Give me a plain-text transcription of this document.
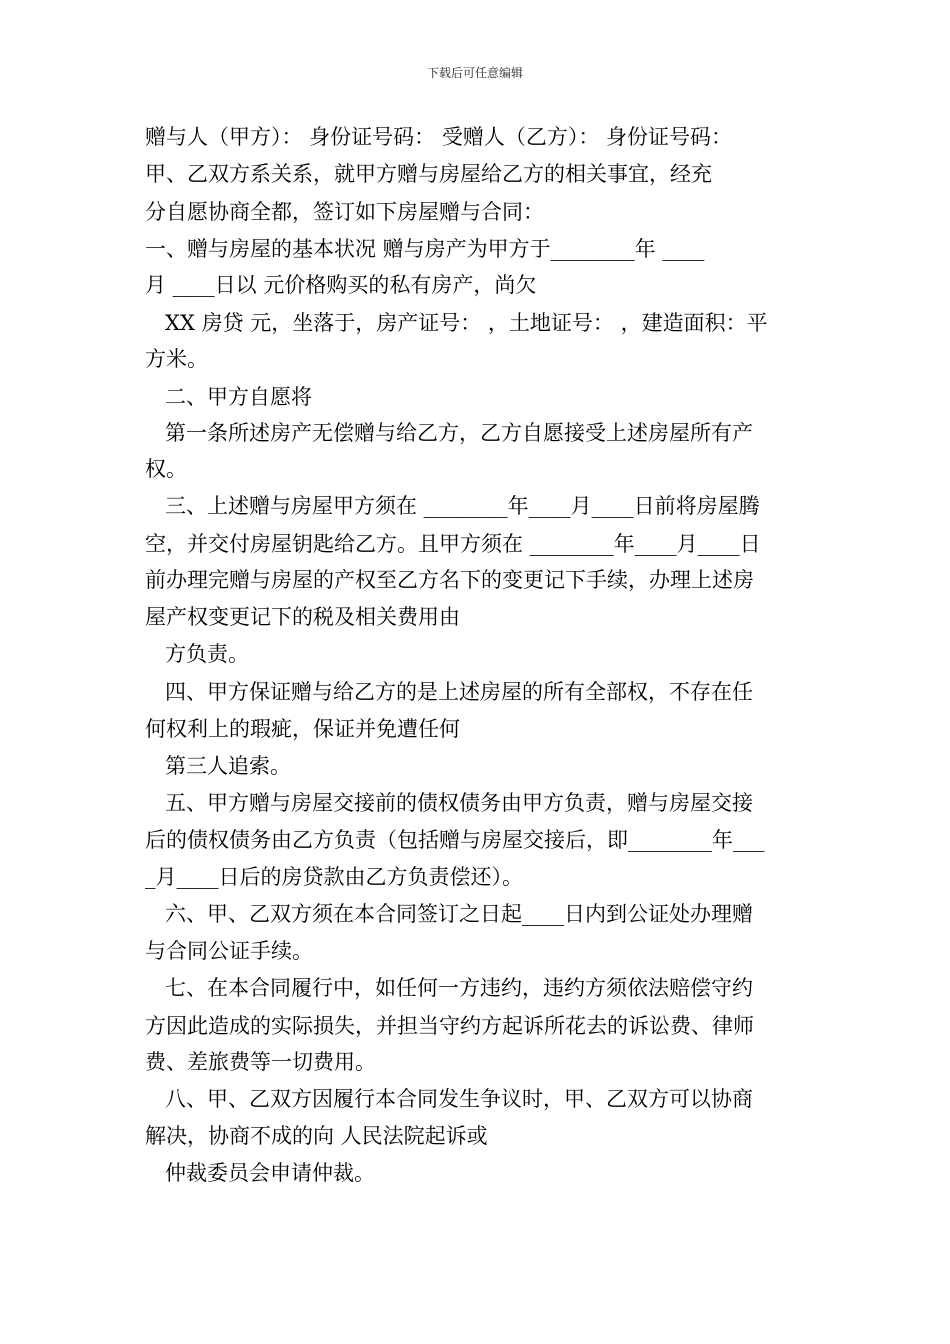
下载后可任意编辑
赠与人（甲方）： 身份证号码： 受赠人（乙方）： 身份证号码：
甲、乙双方系关系，就甲方赠与房屋给乙方的相关事宜，经充
分自愿协商全都，签订如下房屋赠与合同：
一、赠与房屋的基本状况 赠与房产为甲方于________年 ____
月 ____日以 元价格购买的私有房产，尚欠
XX 房贷 元，坐落于，房产证号： ，土地证号： ，建造面积：平
方米。
二、甲方自愿将
第一条所述房产无偿赠与给乙方，乙方自愿接受上述房屋所有产
权。
三、上述赠与房屋甲方须在 ________年____月____日前将房屋腾
空，并交付房屋钥匙给乙方。且甲方须在 ________年____月____日
前办理完赠与房屋的产权至乙方名下的变更记下手续，办理上述房
屋产权变更记下的税及相关费用由
方负责。
四、甲方保证赠与给乙方的是上述房屋的所有全部权，不存在任
何权利上的瑕疵，保证并免遭任何
第三人追索。
五、甲方赠与房屋交接前的债权债务由甲方负责，赠与房屋交接
后的债权债务由乙方负责（包括赠与房屋交接后，即________年___
_月____日后的房贷款由乙方负责偿还）。
六、甲、乙双方须在本合同签订之日起____日内到公证处办理赠
与合同公证手续。
七、在本合同履行中，如任何一方违约，违约方须依法赔偿守约
方因此造成的实际损失，并担当守约方起诉所花去的诉讼费、律师
费、差旅费等一切费用。
八、甲、乙双方因履行本合同发生争议时，甲、乙双方可以协商
解决，协商不成的向 人民法院起诉或
仲裁委员会申请仲裁。
